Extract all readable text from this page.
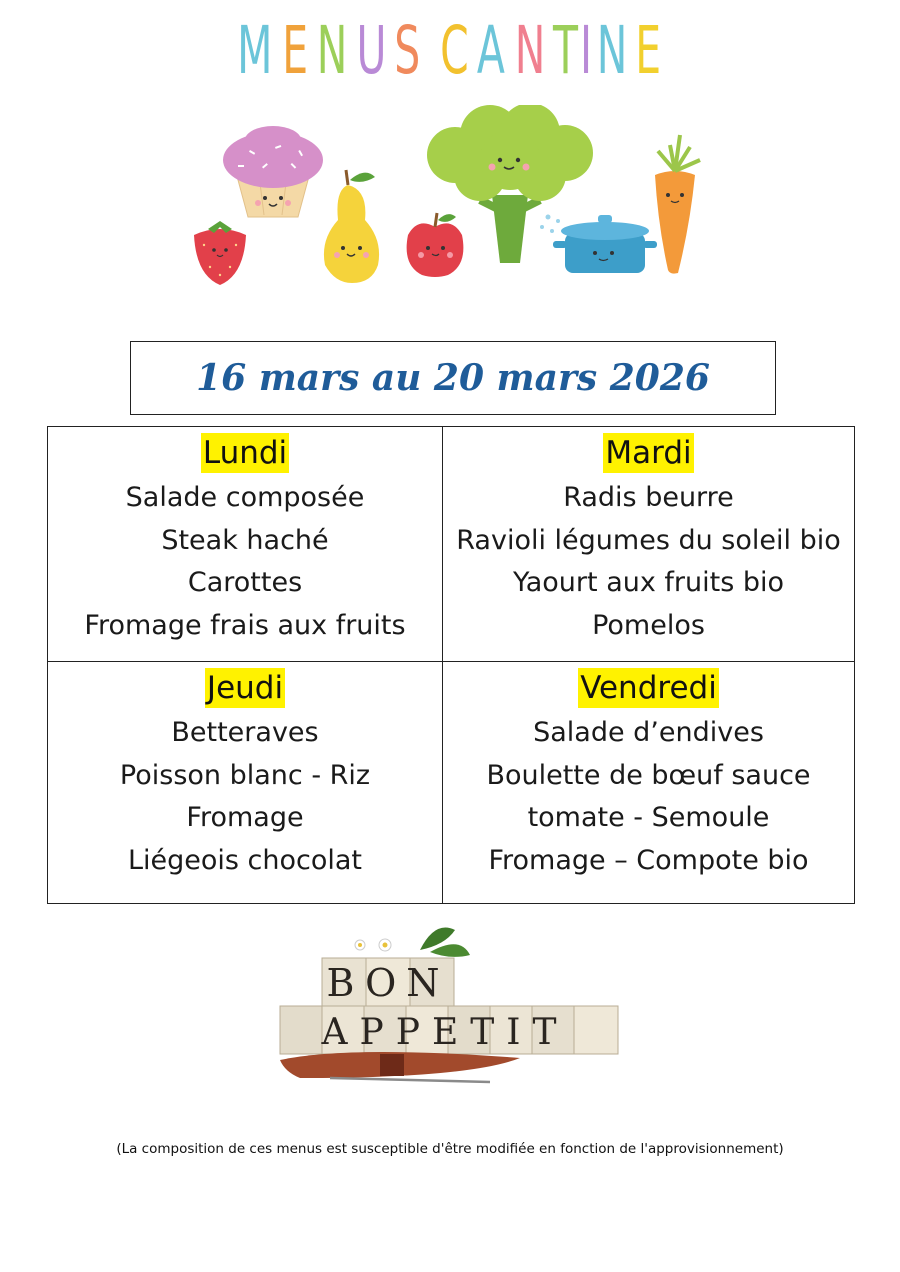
MENUS CANTINE
16 mars au 20 mars 2026
Lundi
Salade composée
Steak haché
Carottes
Fromage frais aux fruits
Mardi
Radis beurre
Ravioli légumes du soleil bio
Yaourt aux fruits bio
Pomelos
Jeudi
Betteraves
Poisson blanc - Riz
Fromage
Liégeois chocolat
Vendredi
Salade d’endives
Boulette de bœuf sauce
tomate - Semoule
Fromage – Compote bio
BON
APPETIT
(La composition de ces menus est susceptible d'être modifiée en fonction de l'approvisionnement)
